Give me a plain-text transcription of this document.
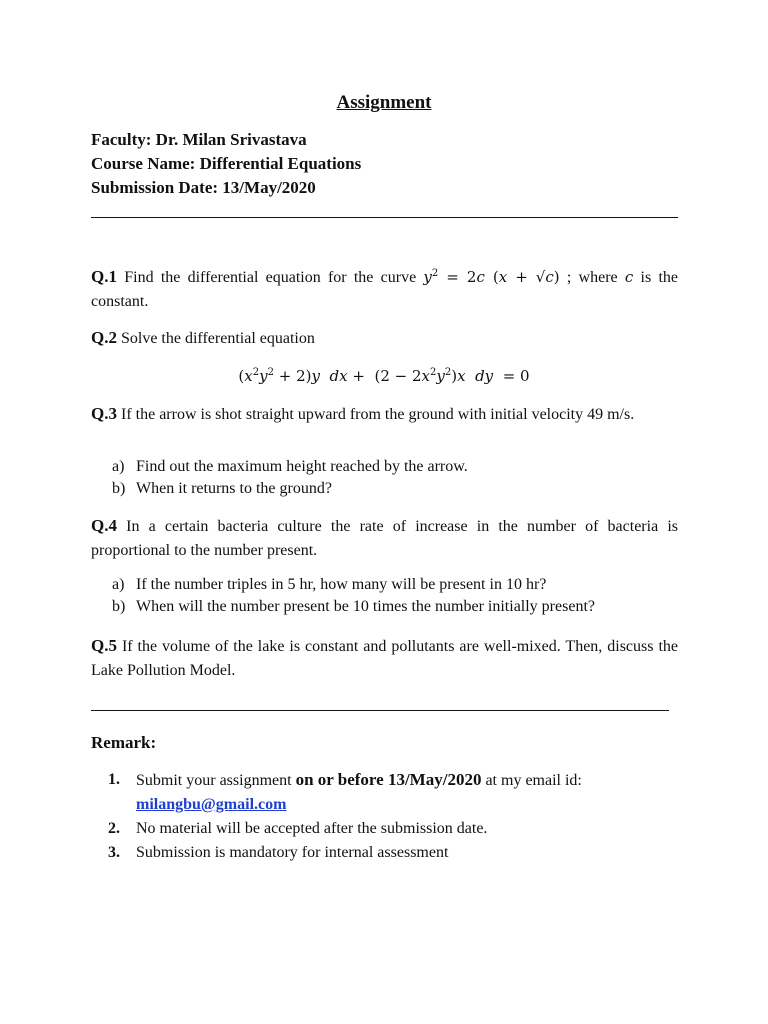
Assignment
Faculty: Dr. Milan Srivastava
Course Name: Differential Equations
Submission Date: 13/May/2020
Q.1 Find the differential equation for the curve $y^2 = 2c$ (x + √c) ; where c is the constant.
Q.2 Solve the differential equation
$(x^2y^2 + 2)y$  dx + $(2 - 2x^2y^2)x$  dy  = 0
Q.3 If the arrow is shot straight upward from the ground with initial velocity 49 m/s.
a) Find out the maximum height reached by the arrow.
b) When it returns to the ground?
Q.4 In a certain bacteria culture the rate of increase in the number of bacteria is proportional to the number present.
a) If the number triples in 5 hr, how many will be present in 10 hr?
b) When will the number present be 10 times the number initially present?
Q.5 If the volume of the lake is constant and pollutants are well-mixed. Then, discuss the Lake Pollution Model.
Remark:
1. Submit your assignment on or before 13/May/2020 at my email id:
milangbu@gmail.com
2. No material will be accepted after the submission date.
3. Submission is mandatory for internal assessment
